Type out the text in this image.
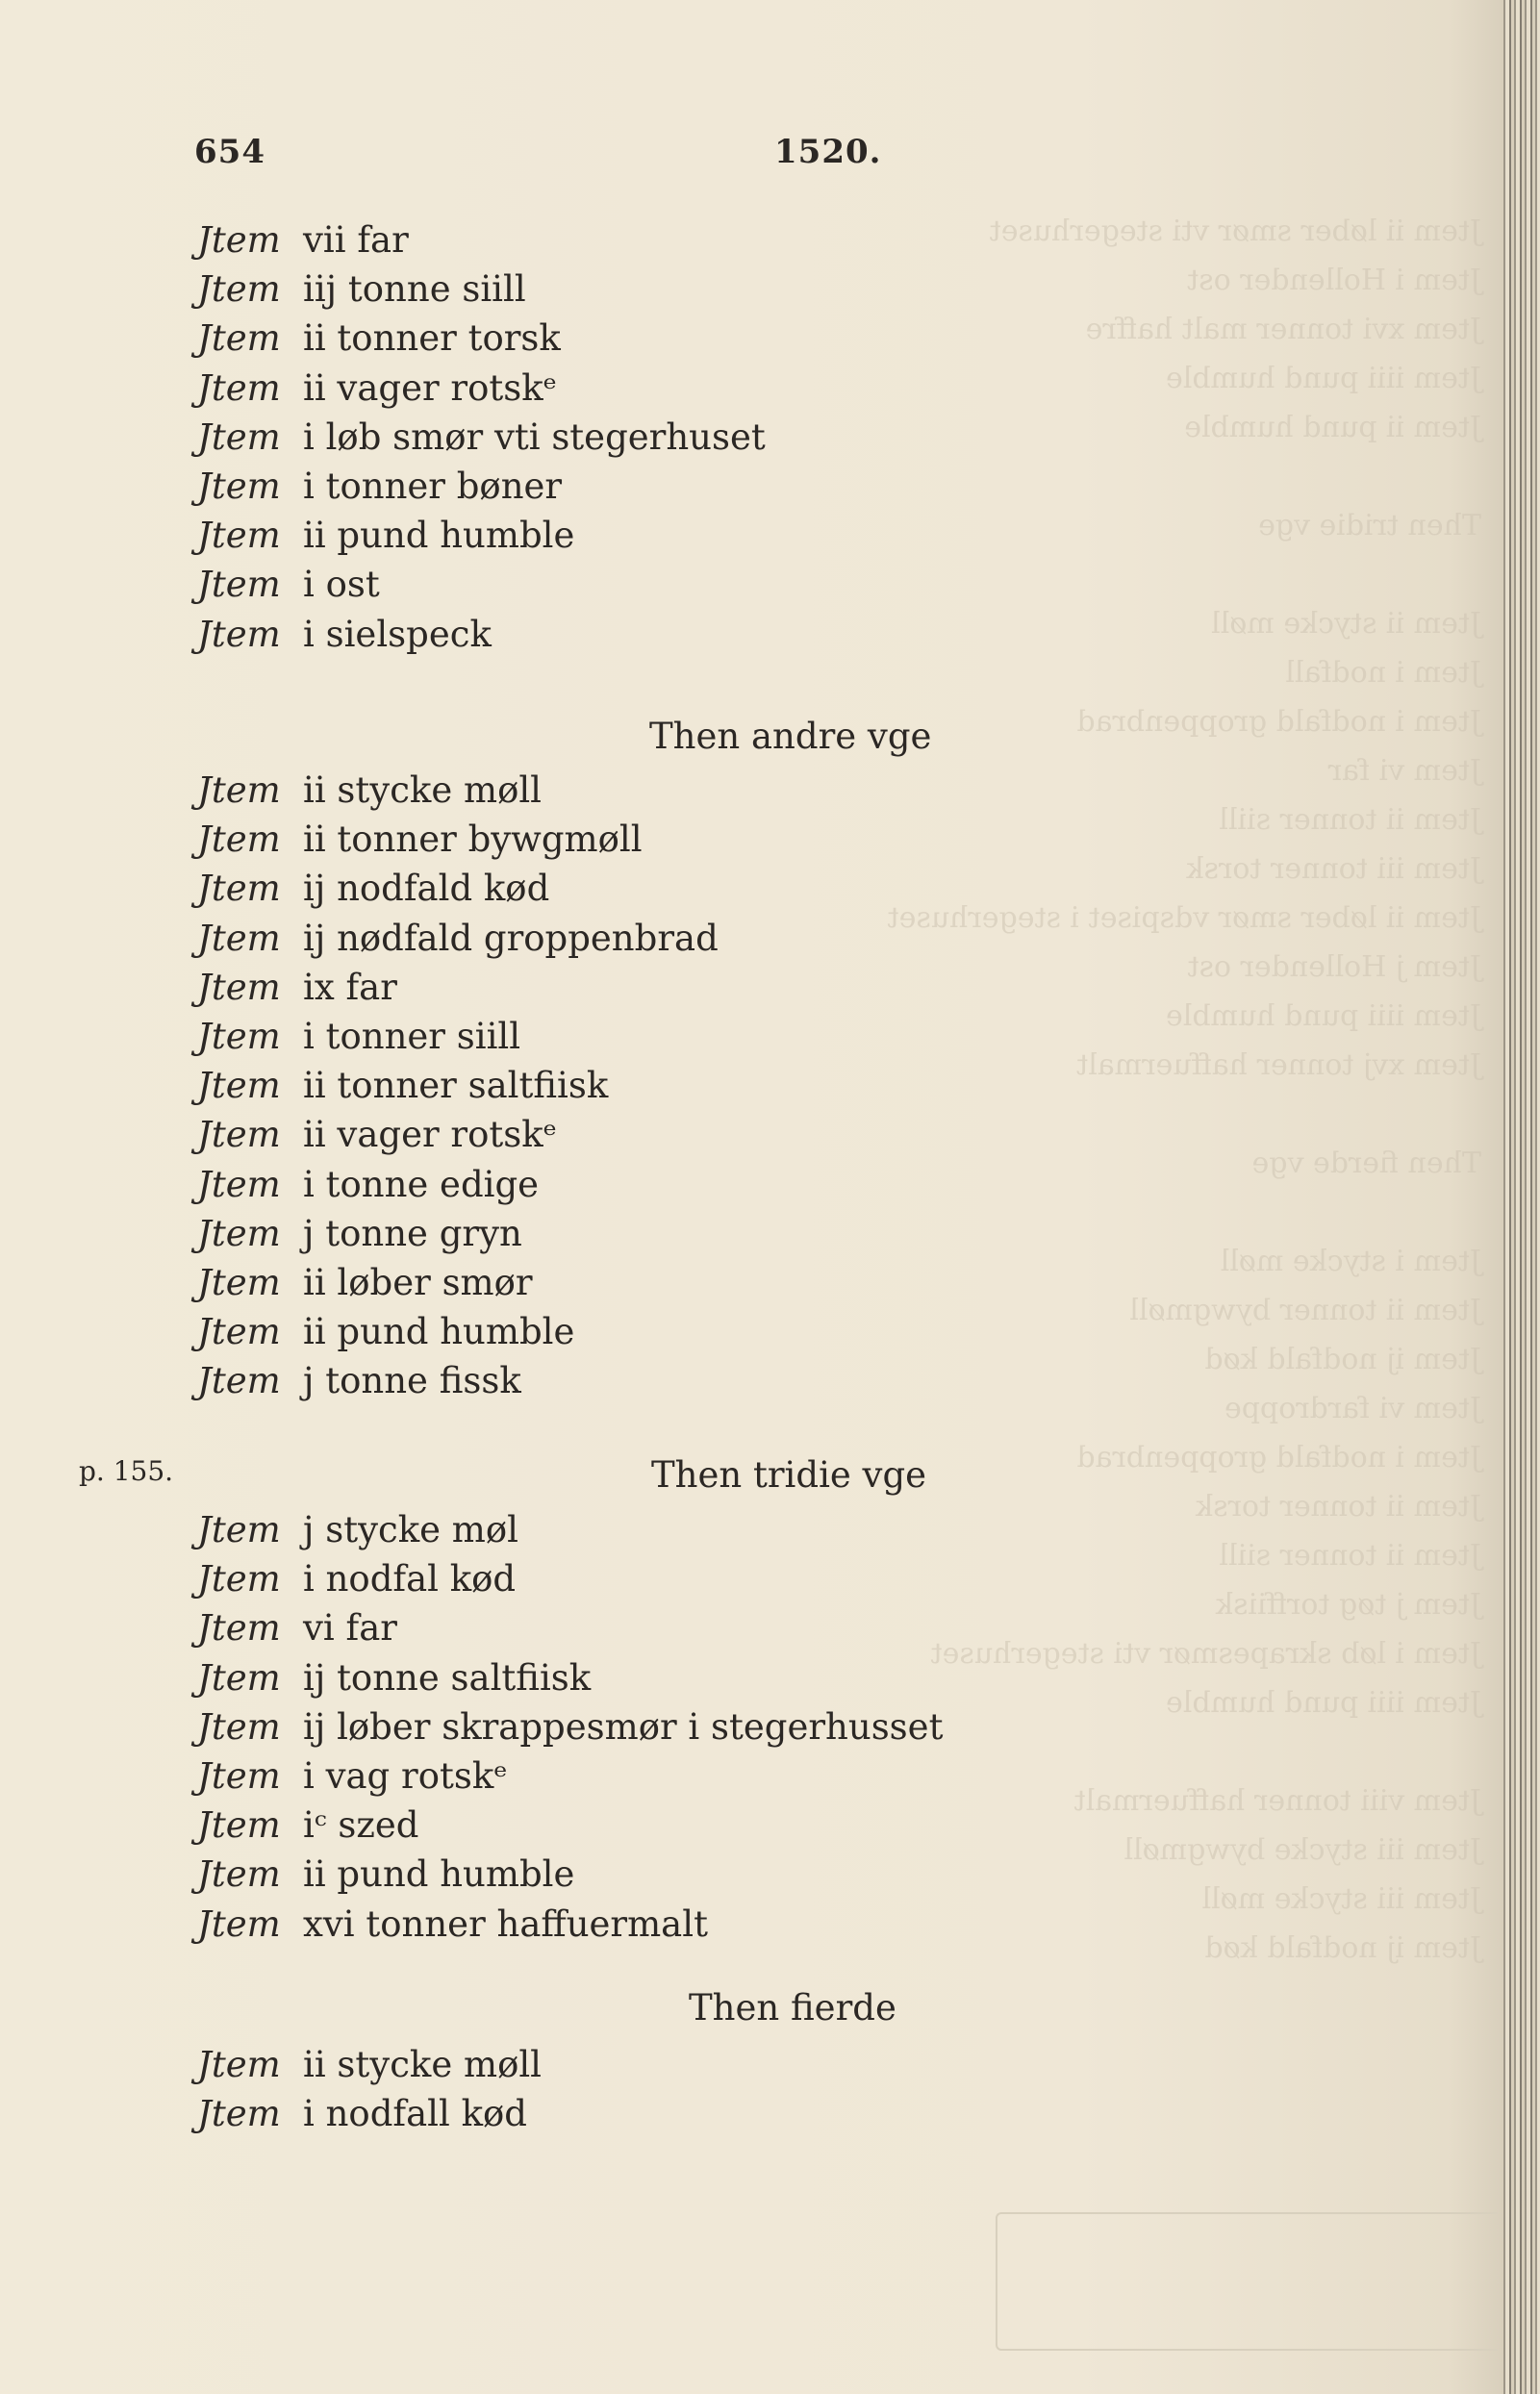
Jtem ii løber smør vti stegerhuset
Jtem i Hollender ost
Jtem xvi tonner malt haffre
Jtem iiii pund humble
Jtem ii pund humble

Then tridie vge

Jtem ii stycke møll
Jtem i nodfall
Jtem i nodfald groppenbrad
Jtem vi far
Jtem ii tonner siill
Jtem iii tonner torsk
Jtem ii løber smør vdspiset i stegerhuset
Jtem j Hollender ost
Jtem iiii pund humble
Jtem xvj tonner haffuermalt

Then fierde vge

Jtem i stycke møll
Jtem ii tonner bywgmøll
Jtem ij nodfald kød
Jtem vi fardroppe
Jtem i nodfald groppenbrad
Jtem ii tonner torsk
Jtem ii tonner siill
Jtem j tøg torffiisk
Jtem i løb skrapesmør vti stegerhuset
Jtem iiii pund humble

Jtem viii tonner haffuermalt
Jtem iii stycke bywgmøll
Jtem iii stycke møll
Jtem ij nodfald kød

654	1520.
p. 155.
Jtem vii far
Jtem iij tonne siill
Jtem ii tonner torsk
Jtem ii vager rotskᵉ
Jtem i løb smør vti stegerhuset
Jtem i tonner bøner
Jtem ii pund humble
Jtem i ost
Jtem i sielspeck
Then andre vge
Jtem ii stycke møll
Jtem ii tonner bywgmøll
Jtem ij nodfald kød
Jtem ij nødfald groppenbrad
Jtem ix far
Jtem i tonner siill
Jtem ii tonner saltfiisk
Jtem ii vager rotskᵉ
Jtem i tonne edige
Jtem j tonne gryn
Jtem ii løber smør
Jtem ii pund humble
Jtem j tonne fissk
Then tridie vge
Jtem j stycke møl
Jtem i nodfal kød
Jtem vi far
Jtem ij tonne saltfiisk
Jtem ij løber skrappesmør i stegerhusset
Jtem i vag rotskᵉ
Jtem iᶜ szed
Jtem ii pund humble
Jtem xvi tonner haffuermalt
Then fierde
Jtem ii stycke møll
Jtem i nodfall kød
